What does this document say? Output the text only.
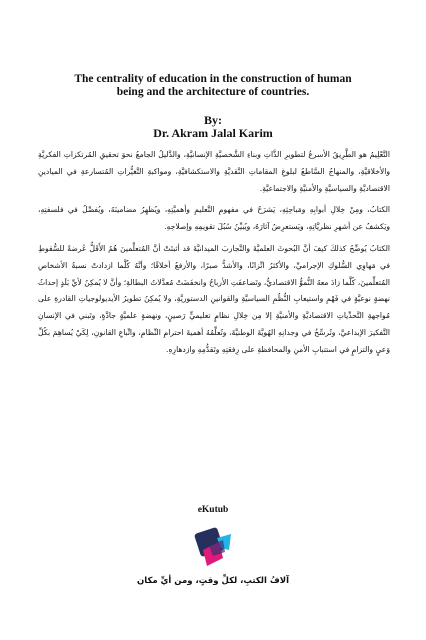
The centrality of education in the construction of human being and the architecture of countries.
By:
Dr. Akram Jalal Karim

التَّعْلِيمُ هو الطَّرِيقُ الأسرعُ لتطويرِ الذَّاتِ وبناءِ الشَّخصيَّةِ الإنسانيَّةِ، والدَّليلُ الجامعُ نحوَ تحقيقِ المُرتكزاتِ الفكريَّةِ والأخلاقيَّةِ، والمنهاجُ السَّاطعُ لبلوغِ المقاماتِ النَّقديَّةِ والاستكشافيَّةِ، ومواكبةِ التَّغيُّراتِ المُتسارعةِ في الميادينِ الاقتصاديَّةِ والسياسيَّةِ والأمنيَّةِ والاجتماعيَّةِ.

الكتابُ، ومِنْ خِلالِ أبوابِهِ ومَباحِثِهِ، يَشرَحُ في مفهومِ التَّعليمِ وأهميَّتِهِ، ويُظهِرُ مضامينَهُ، ويُفصِّلُ في فلسفتِهِ، ويَكشفُ عن أشهرِ نظريَّاتِهِ، ويَستعرِضُ آثارَهُ، ويُبيِّنُ سُبُلَ تقويمِهِ وإصلاحِهِ.

الكتابُ يُوضِّحُ كذلكَ كيفَ أنَّ البُحوثَ العلميَّةَ والتَّجاربَ الميدانيَّةَ قد أثبتَتْ أنَّ المُتعلِّمينَ هُمُ الأَقَلُّ عُرضةً للسُّقوطِ في مَهاوِي السُّلوكِ الإجراميِّ، والأكثرُ اتِّزانًا، والأشدُّ صبرًا، والأرفعُ أخلاقًا؛ وأنَّهُ كُلَّما ازدادتْ نسبةُ الأشخاصِ المُتعلِّمينَ، كُلَّما زادَ معهُ النُّموُّ الاقتصاديُّ، وتَضاعفَتِ الأرباحُ وانخفَضَتْ مُعدَّلاتُ البطالةِ؛ وأنَّ لا يُمكِنُ لأيِّ بَلَدٍ إحداثُ نهضةٍ نوعيَّةٍ في فَهْمِ واستيعابِ النُّظُمِ السياسيَّةِ والقوانينِ الدستوريَّةِ، ولا يُمكِنُ تطويرُ الأيديولوجياتِ القادرةِ على مُواجهةِ التَّحدِّياتِ الاقتصاديَّةِ والأمنيَّةِ إلا مِن خِلالِ نظامٍ تعليميٍّ رَصينٍ، ونهضةٍ علميَّةٍ جادَّةٍ، وتَبني في الإنسانِ التَّفكيرَ الإبداعيَّ، وتُرسِّخُ في وجدانِهِ الهُويَّةَ الوطنيَّةَ، وتُعلِّمُهُ أهميةَ احترامِ النِّظامِ، واتِّباعِ القانونِ، لِكَيْ يُساهِمَ بكُلِّ وَعيٍ والتزامٍ في استتبابِ الأمنِ والمحافظةِ على رِفعَتِهِ وتَقدُّمِهِ وازدهارِهِ.

eKutub
آلافُ الكتبِ، لكلِّ وقتٍ، ومن أيِّ مكان
